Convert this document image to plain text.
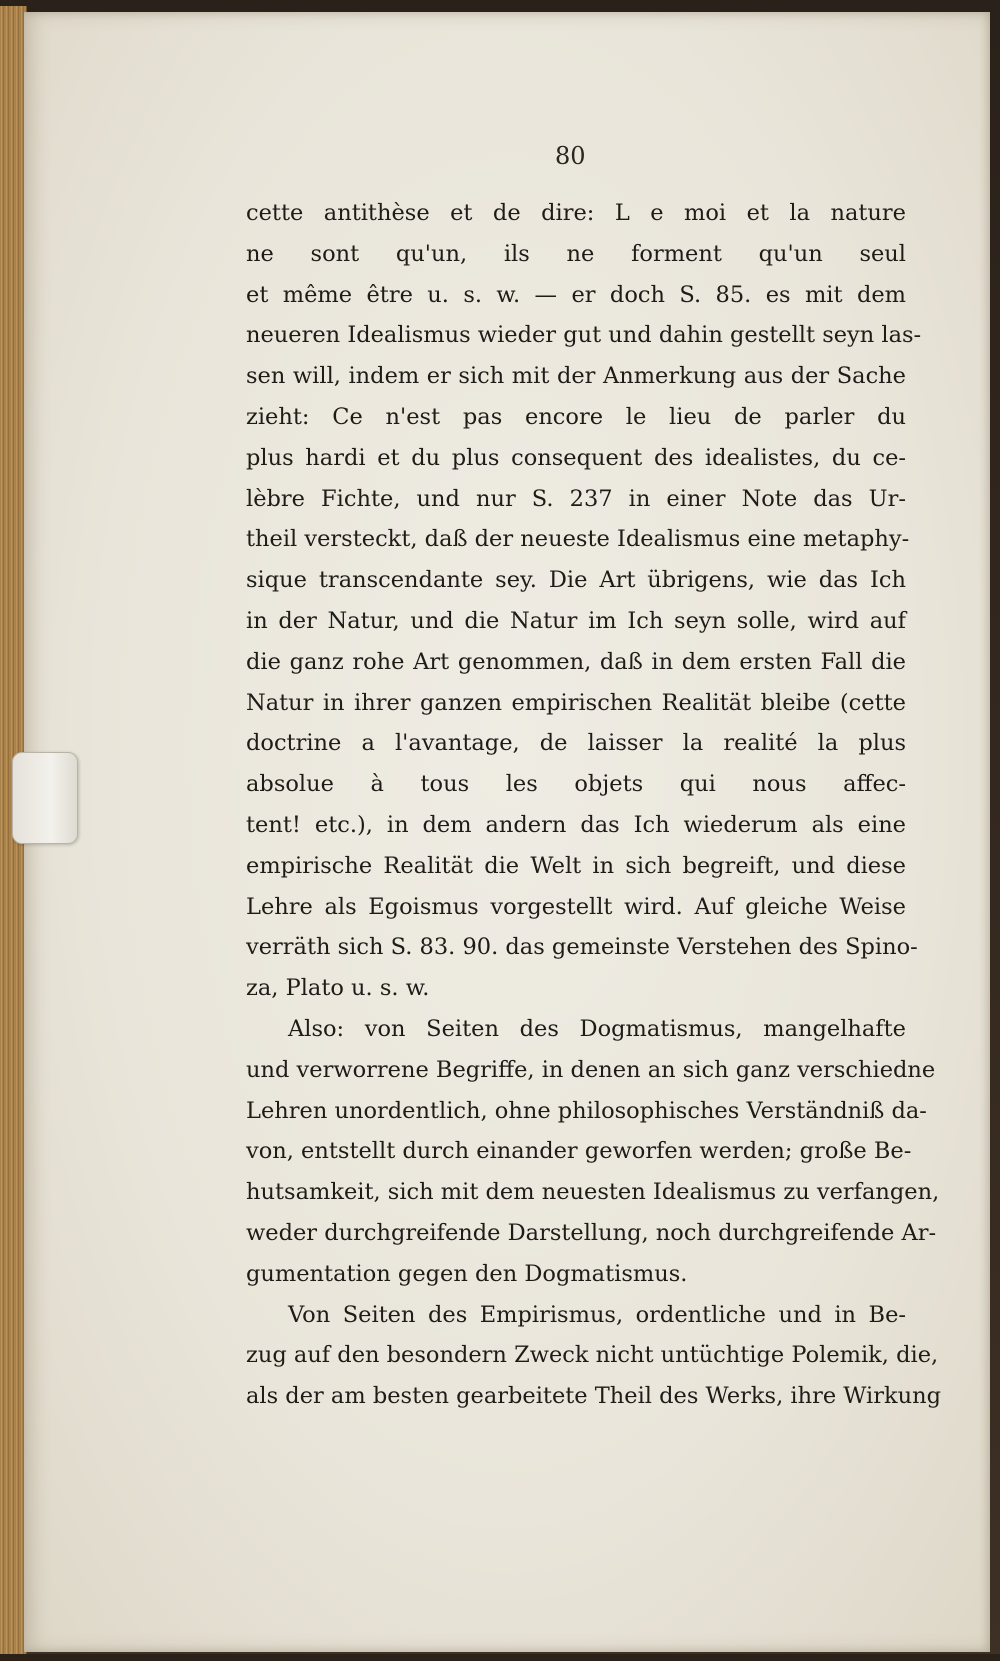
80
cette antithèse et de dire: L e moi et la nature
ne sont qu'un, ils ne forment qu'un seul
et même être u. s. w. — er doch S. 85. es mit dem
neueren Idealismus wieder gut und dahin gestellt seyn las-
sen will, indem er sich mit der Anmerkung aus der Sache
zieht: Ce n'est pas encore le lieu de parler du
plus hardi et du plus consequent des idealistes, du ce-
lèbre Fichte, und nur S. 237 in einer Note das Ur-
theil versteckt, daß der neueste Idealismus eine metaphy-
sique transcendante sey. Die Art übrigens, wie das Ich
in der Natur, und die Natur im Ich seyn solle, wird auf
die ganz rohe Art genommen, daß in dem ersten Fall die
Natur in ihrer ganzen empirischen Realität bleibe (cette
doctrine a l'avantage, de laisser la realité la plus
absolue à tous les objets qui nous affec-
tent! etc.), in dem andern das Ich wiederum als eine
empirische Realität die Welt in sich begreift, und diese
Lehre als Egoismus vorgestellt wird. Auf gleiche Weise
verräth sich S. 83. 90. das gemeinste Verstehen des Spino-
za, Plato u. s. w.
Also: von Seiten des Dogmatismus, mangelhafte
und verworrene Begriffe, in denen an sich ganz verschiedne
Lehren unordentlich, ohne philosophisches Verständniß da-
von, entstellt durch einander geworfen werden; große Be-
hutsamkeit, sich mit dem neuesten Idealismus zu verfangen,
weder durchgreifende Darstellung, noch durchgreifende Ar-
gumentation gegen den Dogmatismus.
Von Seiten des Empirismus, ordentliche und in Be-
zug auf den besondern Zweck nicht untüchtige Polemik, die,
als der am besten gearbeitete Theil des Werks, ihre Wirkung
